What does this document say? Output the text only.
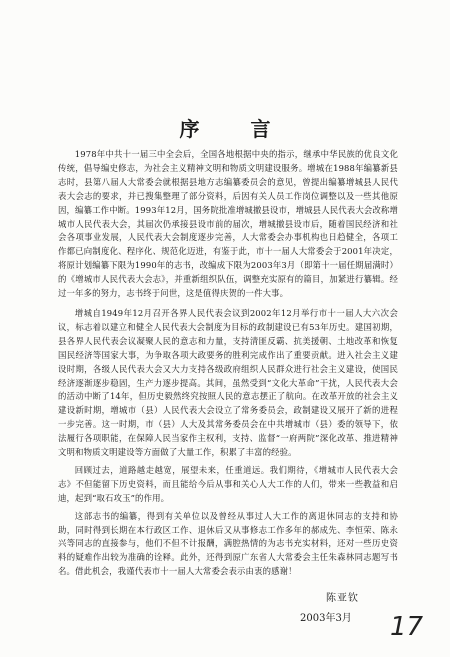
序 言

1978年中共十一届三中全会后，全国各地根据中央的指示，继承中华民族的优良文化传统，倡导编史修志，为社会主义精神文明和物质文明建设服务。增城在1988年编纂新县志时，县第八届人大常委会就根据县地方志编纂委员会的意见，曾提出编纂增城县人民代表大会志的要求，并已搜集整理了部分资料，后因有关人员工作岗位调整以及一些其他原因，编纂工作中断。1993年12月，国务院批准增城撤县设市，增城县人民代表大会改称增城市人民代表大会，其届次仍承接县设市前的届次，增城撤县设市后，随着国民经济和社会各项事业发展，人民代表大会制度逐步完善，人大常委会办事机构也日趋健全，各项工作都已向制度化、程序化、规范化迈进，有鉴于此，市十一届人大常委会于2001年决定，将原计划编纂下限为1990年的志书，改编成下限为2003年3月（即第十一届任期届满时）的《增城市人民代表大会志》，并重新组织队伍，调整充实原有的篇目，加紧进行纂辑。经过一年多的努力，志书终于问世，这是值得庆贺的一件大事。

增城自1949年12月召开各界人民代表会议到2002年12月举行市十一届人大六次会议，标志着以建立和健全人民代表大会制度为目标的政制建设已有53年历史。建国初期，县各界人民代表会议凝聚人民的意志和力量，支持清匪反霸、抗美援朝、土地改革和恢复国民经济等国家大事，为争取各项大政要务的胜利完成作出了重要贡献。进入社会主义建设时期，各级人民代表大会又大力支持各级政府组织人民群众进行社会主义建设，使国民经济逐渐逐步稳固，生产力逐步提高。其间，虽然受到“文化大革命”干扰，人民代表大会的活动中断了14年，但历史毅然终究按照人民的意志摆正了航向。在改革开放的社会主义建设新时期，增城市（县）人民代表大会设立了常务委员会，政制建设又展开了新的进程一步完善。这一时期，市（县）人大及其常务委员会在中共增城市（县）委的领导下，依法履行各项职能，在保障人民当家作主权利，支持、监督“一府两院”深化改革、推进精神文明和物质文明建设等方面做了大量工作，积累了丰富的经验。

回顾过去，道路越走越宽，展望未来，任重道远。我们期待，《增城市人民代表大会志》不但能留下历史资料，而且能给今后从事和关心人大工作的人们，带来一些教益和启迪，起到“取石攻玉”的作用。

这部志书的编纂，得到有关单位以及曾经从事过人大工作的离退休同志的支持和协助，同时得到长期在本行政区工作、退休后又从事修志工作多年的郝成先、李恒荣、陈永兴等同志的直接参与，他们不但不计报酬，满腔热情的为志书充实材料，还对一些历史资料的疑难作出较为准确的诠释。此外，还得到原广东省人大常委会主任朱森林同志题写书名。借此机会，我谨代表市十一届人大常委会表示由衷的感谢！

陈亚钦
2003年3月 17
